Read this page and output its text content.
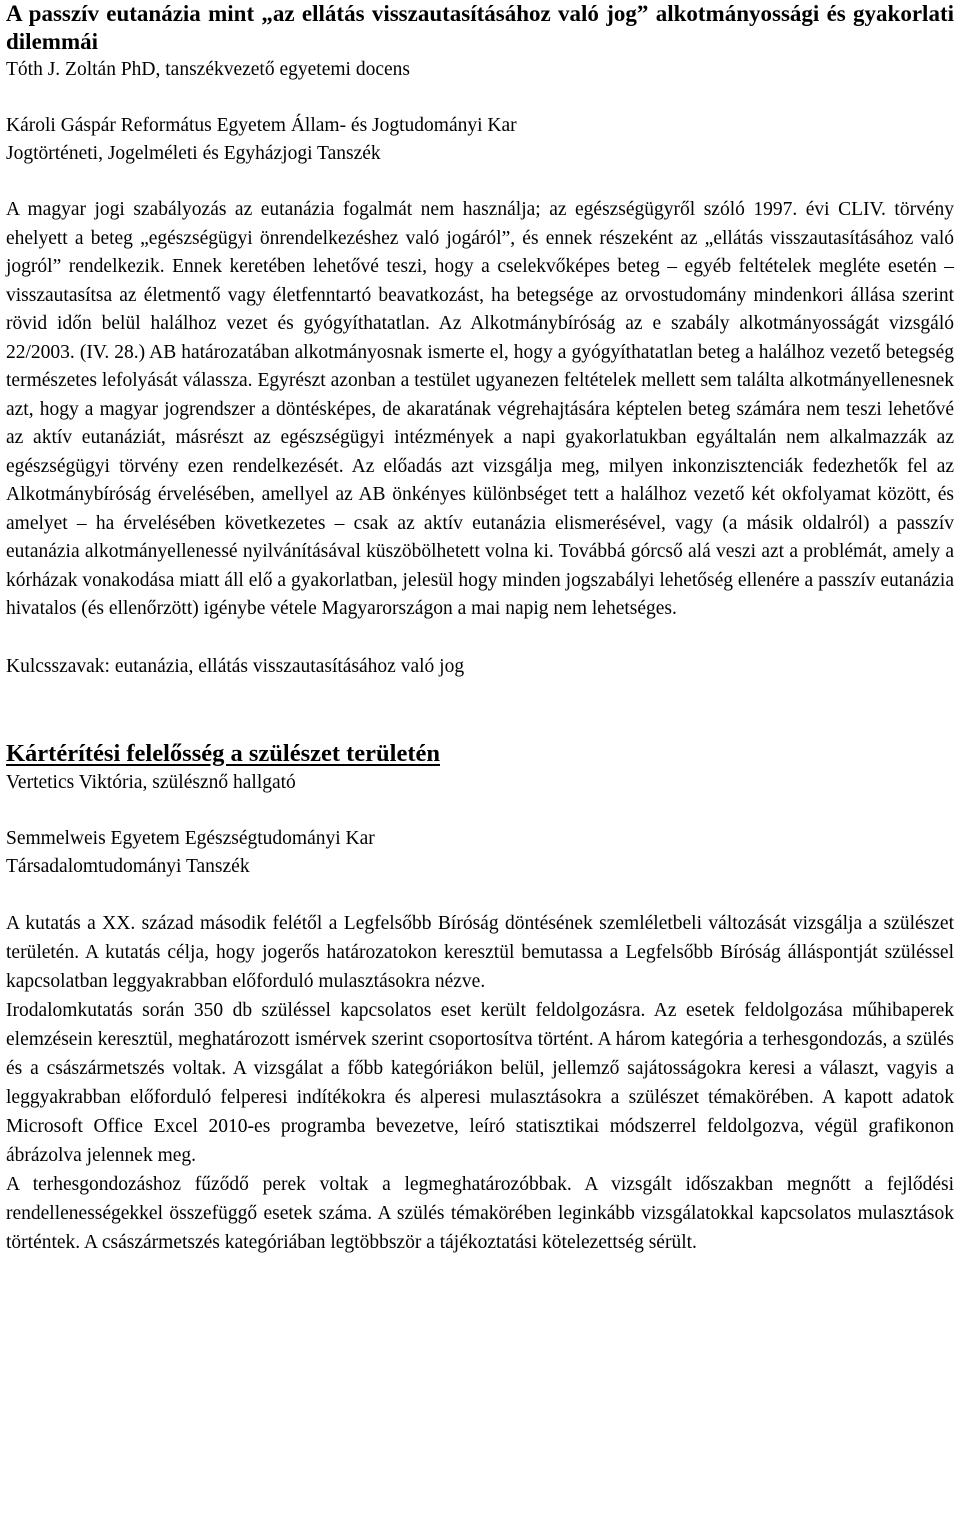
A passzív eutanázia mint „az ellátás visszautasításához való jog” alkotmányossági és gyakorlati dilemmái

Tóth J. Zoltán PhD, tanszékvezető egyetemi docens

Károli Gáspár Református Egyetem Állam- és Jogtudományi Kar

Jogtörténeti, Jogelméleti és Egyházjogi Tanszék

A magyar jogi szabályozás az eutanázia fogalmát nem használja; az egészségügyről szóló 1997. évi CLIV. törvény ehelyett a beteg „egészségügyi önrendelkezéshez való jogáról”, és ennek részeként az „ellátás visszautasításához való jogról” rendelkezik. Ennek keretében lehetővé teszi, hogy a cselekvőképes beteg – egyéb feltételek megléte esetén – visszautasítsa az életmentő vagy életfenntartó beavatkozást, ha betegsége az orvostudomány mindenkori állása szerint rövid időn belül halálhoz vezet és gyógyíthatatlan. Az Alkotmánybíróság az e szabály alkotmányosságát vizsgáló 22/2003. (IV. 28.) AB határozatában alkotmányosnak ismerte el, hogy a gyógyíthatatlan beteg a halálhoz vezető betegség természetes lefolyását válassza. Egyrészt azonban a testület ugyanezen feltételek mellett sem találta alkotmányellenesnek azt, hogy a magyar jogrendszer a döntésképes, de akaratának végrehajtására képtelen beteg számára nem teszi lehetővé az aktív eutanáziát, másrészt az egészségügyi intézmények a napi gyakorlatukban egyáltalán nem alkalmazzák az egészségügyi törvény ezen rendelkezését. Az előadás azt vizsgálja meg, milyen inkonzisztenciák fedezhetők fel az Alkotmánybíróság érvelésében, amellyel az AB önkényes különbséget tett a halálhoz vezető két okfolyamat között, és amelyet – ha érvelésében következetes – csak az aktív eutanázia elismerésével, vagy (a másik oldalról) a passzív eutanázia alkotmányellenessé nyilvánításával küszöbölhetett volna ki. Továbbá górcső alá veszi azt a problémát, amely a kórházak vonakodása miatt áll elő a gyakorlatban, jelesül hogy minden jogszabályi lehetőség ellenére a passzív eutanázia hivatalos (és ellenőrzött) igénybe vétele Magyarországon a mai napig nem lehetséges.

Kulcsszavak: eutanázia, ellátás visszautasításához való jog

Kártérítési felelősség a szülészet területén

Vertetics Viktória, szülésznő hallgató

Semmelweis Egyetem Egészségtudományi Kar

Társadalomtudományi Tanszék

A kutatás a XX. század második felétől a Legfelsőbb Bíróság döntésének szemléletbeli változását vizsgálja a szülészet területén. A kutatás célja, hogy jogerős határozatokon keresztül bemutassa a Legfelsőbb Bíróság álláspontját szüléssel kapcsolatban leggyakrabban előforduló mulasztásokra nézve.

Irodalomkutatás során 350 db szüléssel kapcsolatos eset került feldolgozásra. Az esetek feldolgozása műhibaperek elemzésein keresztül, meghatározott ismérvek szerint csoportosítva történt. A három kategória a terhesgondozás, a szülés és a császármetszés voltak. A vizsgálat a főbb kategóriákon belül, jellemző sajátosságokra keresi a választ, vagyis a leggyakrabban előforduló felperesi indítékokra és alperesi mulasztásokra a szülészet témakörében. A kapott adatok Microsoft Office Excel 2010-es programba bevezetve, leíró statisztikai módszerrel feldolgozva, végül grafikonon ábrázolva jelennek meg.

A terhesgondozáshoz fűződő perek voltak a legmeghatározóbbak. A vizsgált időszakban megnőtt a fejlődési rendellenességekkel összefüggő esetek száma. A szülés témakörében leginkább vizsgálatokkal kapcsolatos mulasztások történtek. A császármetszés kategóriában legtöbbször a tájékoztatási kötelezettség sérült.
